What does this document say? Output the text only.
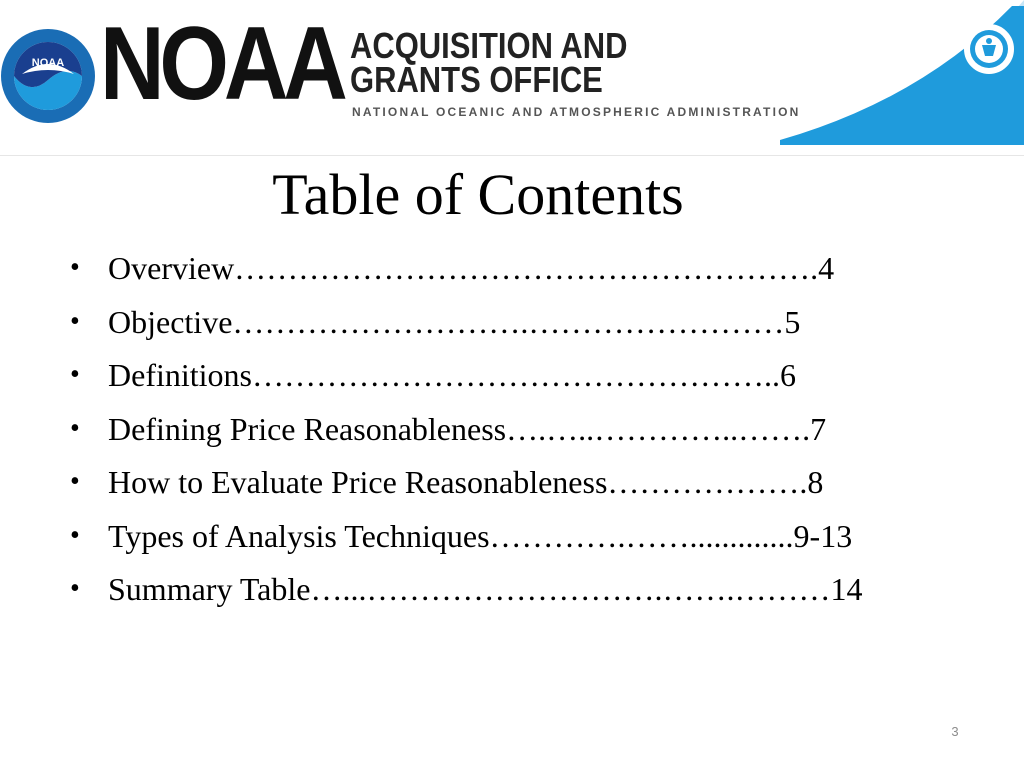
NOAA NOAA ACQUISITION AND
GRANTS OFFICE
NATIONAL OCEANIC AND ATMOSPHERIC ADMINISTRATION
Table of Contents
• Overview……………………………………………….4
• Objective……………………….……………………5
• Definitions…………………………………………..6
• Defining Price Reasonableness….…..…………..…….7
• How to Evaluate Price Reasonableness……………….8
• Types of Analysis Techniques………….…….............9-13
• Summary Table…...……………………….…….………14
3
